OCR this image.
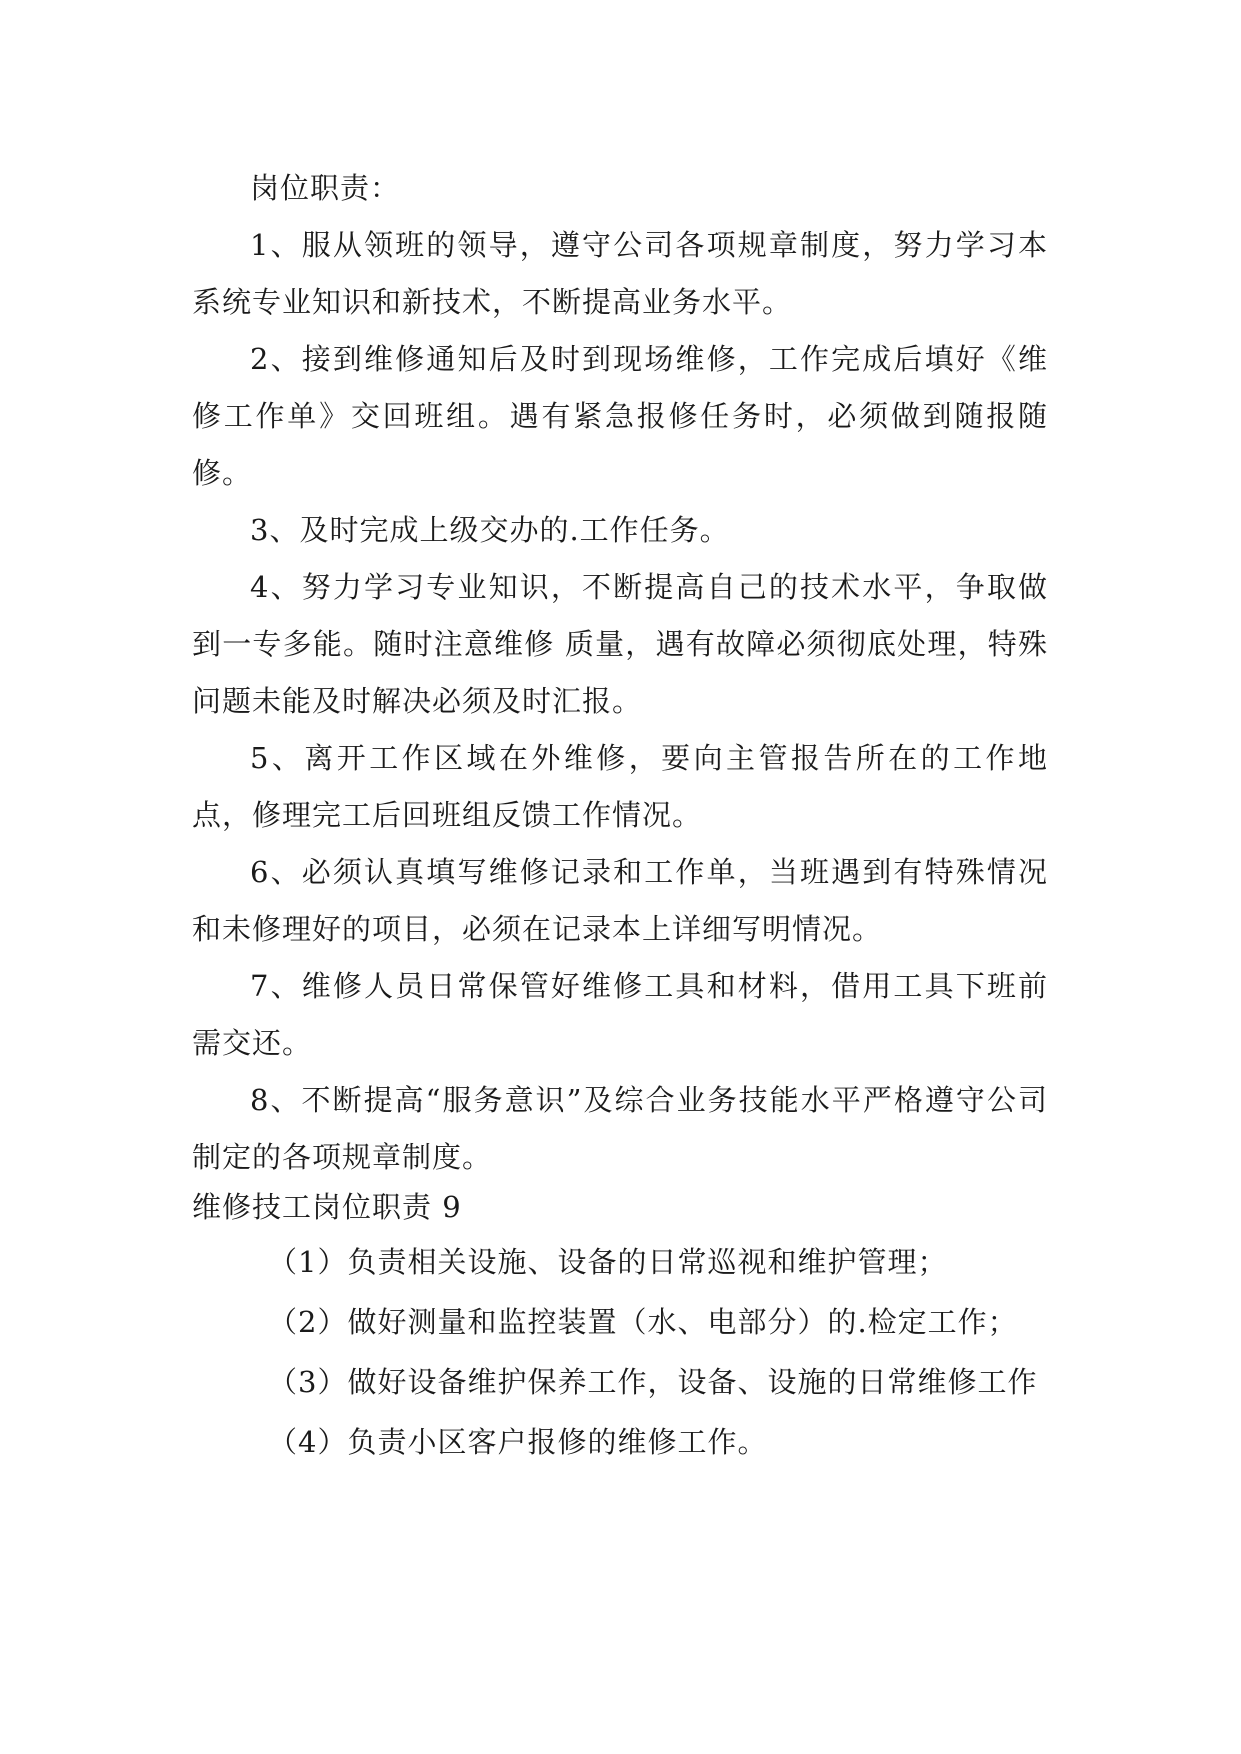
岗位职责：

1、服从领班的领导，遵守公司各项规章制度，努力学习本系统专业知识和新技术，不断提高业务水平。

2、接到维修通知后及时到现场维修，工作完成后填好《维修工作单》交回班组。遇有紧急报修任务时，必须做到随报随修。

3、及时完成上级交办的.工作任务。

4、努力学习专业知识，不断提高自己的技术水平，争取做到一专多能。随时注意维修 质量，遇有故障必须彻底处理，特殊问题未能及时解决必须及时汇报。

5、离开工作区域在外维修，要向主管报告所在的工作地点，修理完工后回班组反馈工作情况。

6、必须认真填写维修记录和工作单，当班遇到有特殊情况和未修理好的项目，必须在记录本上详细写明情况。

7、维修人员日常保管好维修工具和材料，借用工具下班前需交还。

8、不断提高“服务意识”及综合业务技能水平严格遵守公司制定的各项规章制度。

维修技工岗位职责 9

（1）负责相关设施、设备的日常巡视和维护管理；

（2）做好测量和监控装置（水、电部分）的.检定工作；

（3）做好设备维护保养工作，设备、设施的日常维修工作

（4）负责小区客户报修的维修工作。
